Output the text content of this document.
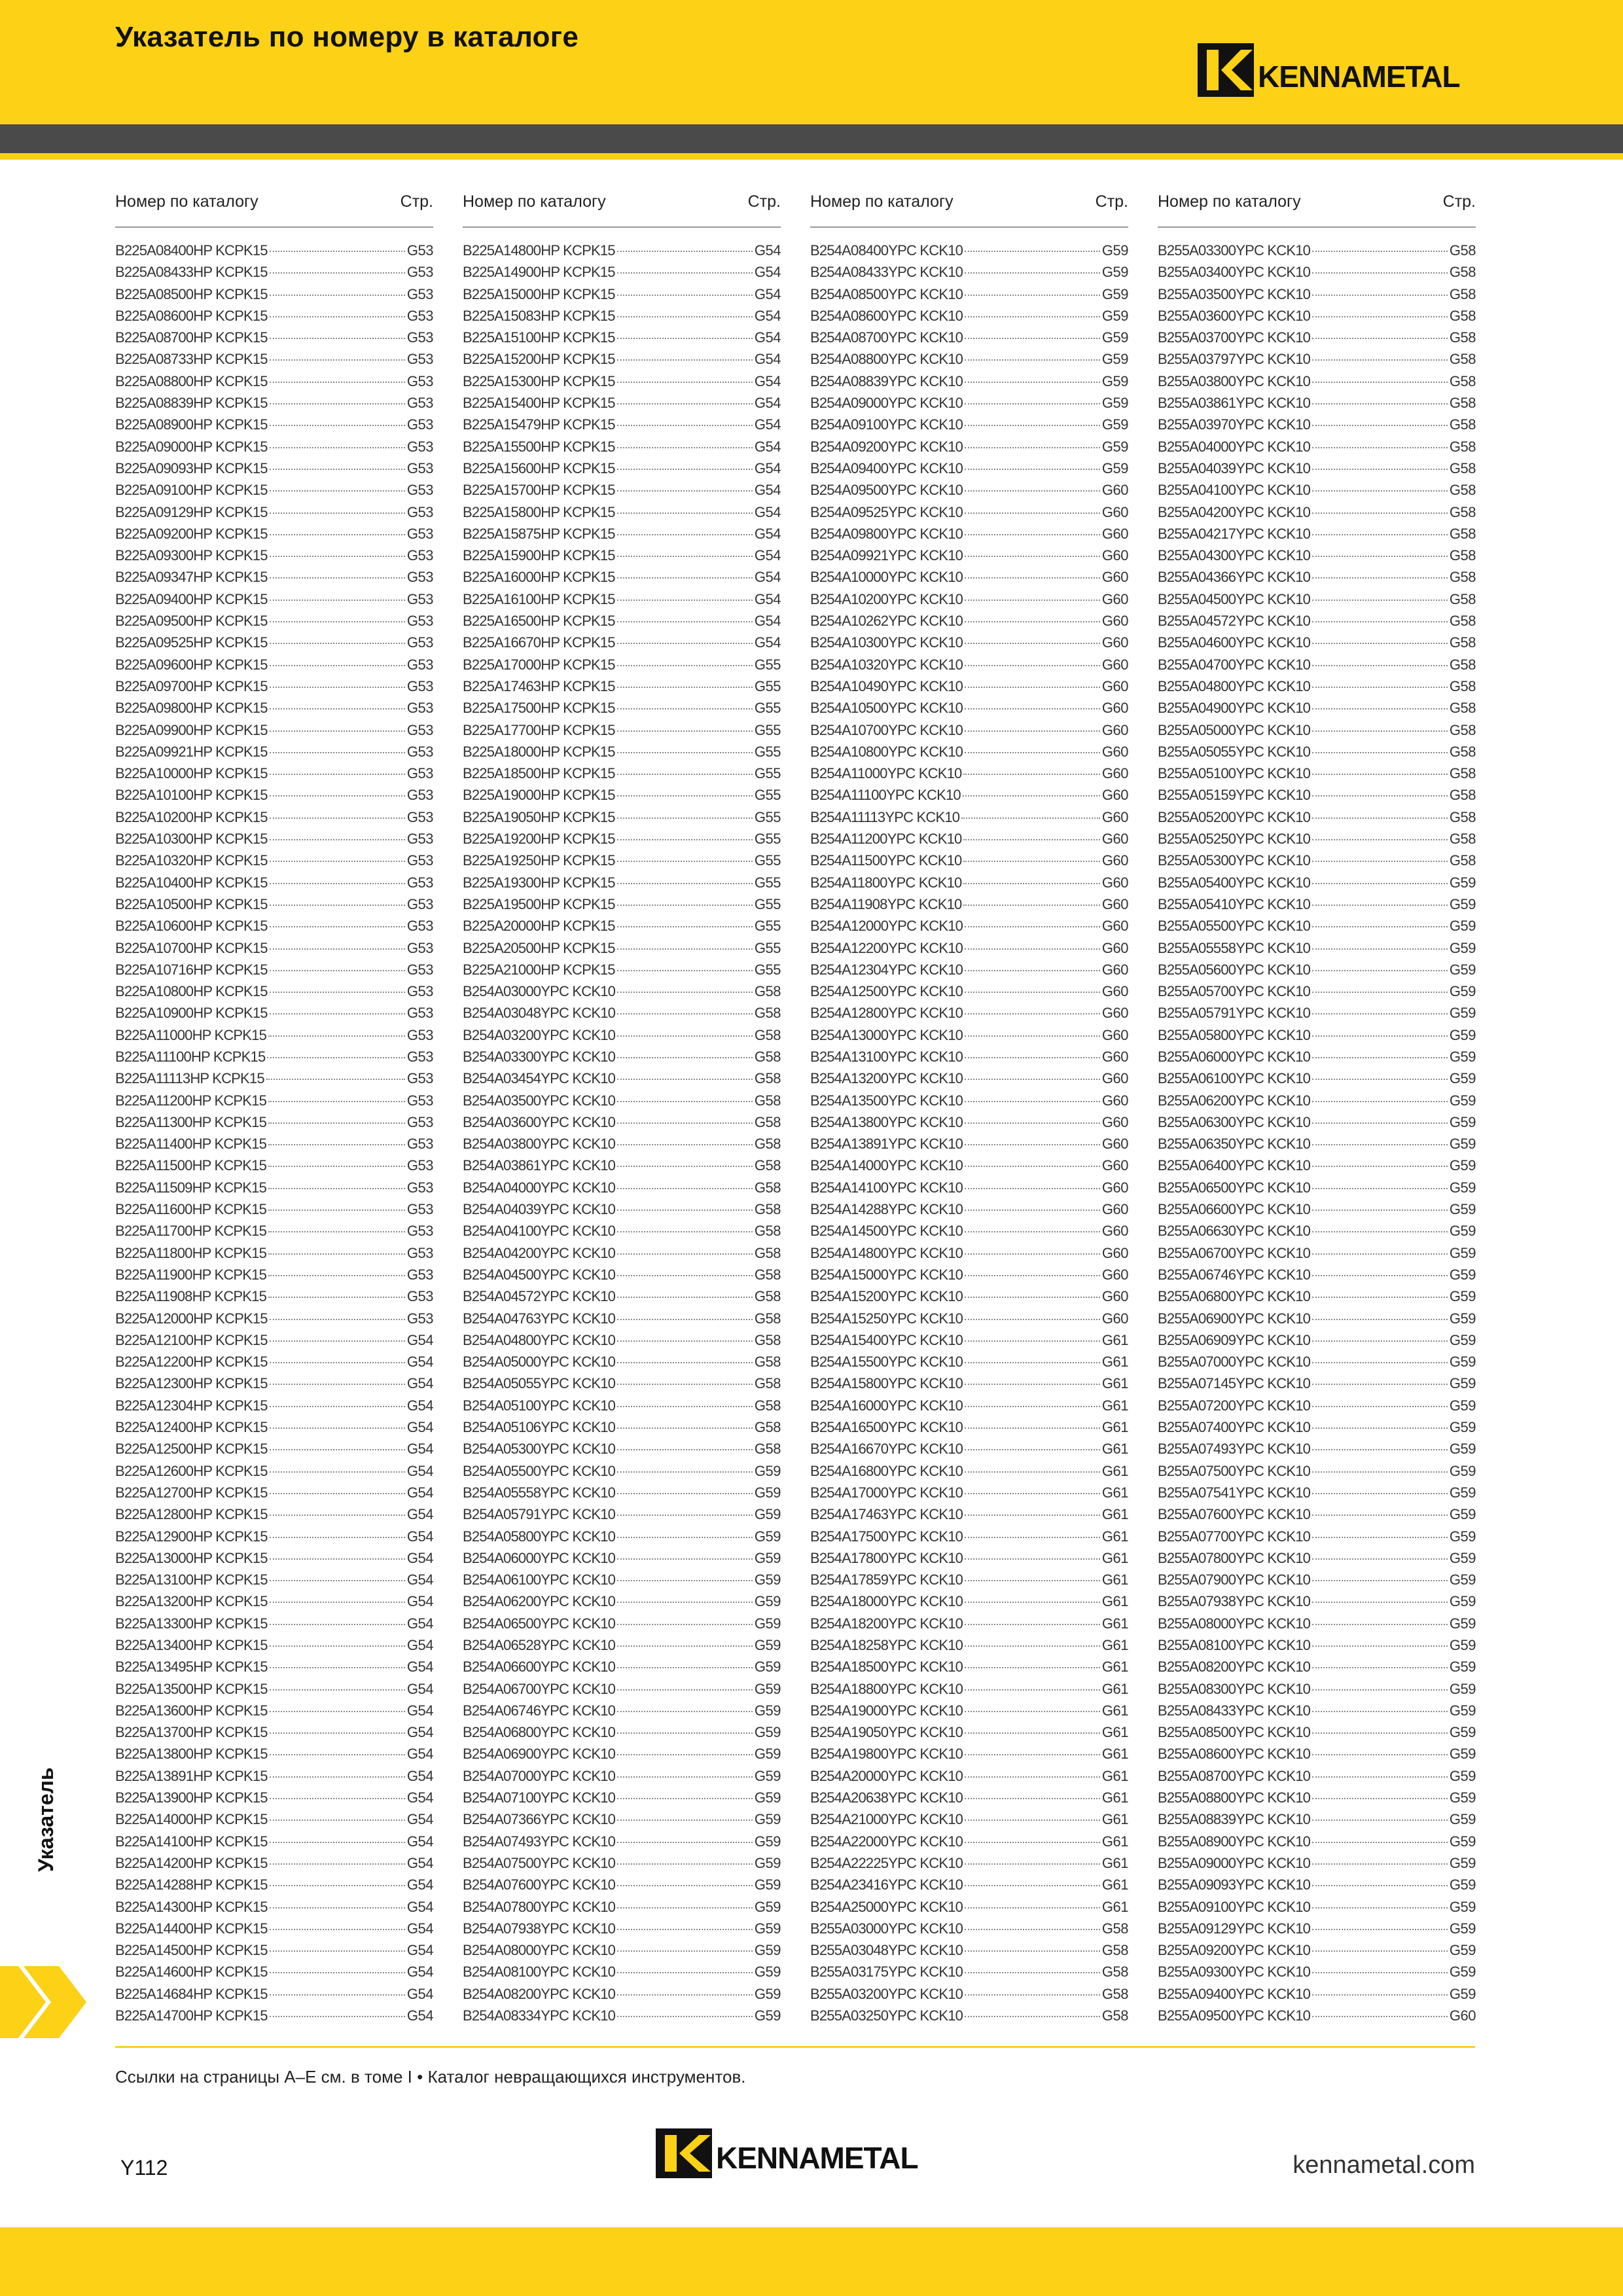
Указатель по номеру в каталоге
KENNAMETAL
Номер по каталогу	Стр.
B225A08400HP KCPK15	G53
B225A08433HP KCPK15	G53
B225A08500HP KCPK15	G53
B225A08600HP KCPK15	G53
B225A08700HP KCPK15	G53
B225A08733HP KCPK15	G53
B225A08800HP KCPK15	G53
B225A08839HP KCPK15	G53
B225A08900HP KCPK15	G53
B225A09000HP KCPK15	G53
B225A09093HP KCPK15	G53
B225A09100HP KCPK15	G53
B225A09129HP KCPK15	G53
B225A09200HP KCPK15	G53
B225A09300HP KCPK15	G53
B225A09347HP KCPK15	G53
B225A09400HP KCPK15	G53
B225A09500HP KCPK15	G53
B225A09525HP KCPK15	G53
B225A09600HP KCPK15	G53
B225A09700HP KCPK15	G53
B225A09800HP KCPK15	G53
B225A09900HP KCPK15	G53
B225A09921HP KCPK15	G53
B225A10000HP KCPK15	G53
B225A10100HP KCPK15	G53
B225A10200HP KCPK15	G53
B225A10300HP KCPK15	G53
B225A10320HP KCPK15	G53
B225A10400HP KCPK15	G53
B225A10500HP KCPK15	G53
B225A10600HP KCPK15	G53
B225A10700HP KCPK15	G53
B225A10716HP KCPK15	G53
B225A10800HP KCPK15	G53
B225A10900HP KCPK15	G53
B225A11000HP KCPK15	G53
B225A11100HP KCPK15	G53
B225A11113HP KCPK15	G53
B225A11200HP KCPK15	G53
B225A11300HP KCPK15	G53
B225A11400HP KCPK15	G53
B225A11500HP KCPK15	G53
B225A11509HP KCPK15	G53
B225A11600HP KCPK15	G53
B225A11700HP KCPK15	G53
B225A11800HP KCPK15	G53
B225A11900HP KCPK15	G53
B225A11908HP KCPK15	G53
B225A12000HP KCPK15	G53
B225A12100HP KCPK15	G54
B225A12200HP KCPK15	G54
B225A12300HP KCPK15	G54
B225A12304HP KCPK15	G54
B225A12400HP KCPK15	G54
B225A12500HP KCPK15	G54
B225A12600HP KCPK15	G54
B225A12700HP KCPK15	G54
B225A12800HP KCPK15	G54
B225A12900HP KCPK15	G54
B225A13000HP KCPK15	G54
B225A13100HP KCPK15	G54
B225A13200HP KCPK15	G54
B225A13300HP KCPK15	G54
B225A13400HP KCPK15	G54
B225A13495HP KCPK15	G54
B225A13500HP KCPK15	G54
B225A13600HP KCPK15	G54
B225A13700HP KCPK15	G54
B225A13800HP KCPK15	G54
B225A13891HP KCPK15	G54
B225A13900HP KCPK15	G54
B225A14000HP KCPK15	G54
B225A14100HP KCPK15	G54
B225A14200HP KCPK15	G54
B225A14288HP KCPK15	G54
B225A14300HP KCPK15	G54
B225A14400HP KCPK15	G54
B225A14500HP KCPK15	G54
B225A14600HP KCPK15	G54
B225A14684HP KCPK15	G54
B225A14700HP KCPK15	G54
Номер по каталогу	Стр.
B225A14800HP KCPK15	G54
B225A14900HP KCPK15	G54
B225A15000HP KCPK15	G54
B225A15083HP KCPK15	G54
B225A15100HP KCPK15	G54
B225A15200HP KCPK15	G54
B225A15300HP KCPK15	G54
B225A15400HP KCPK15	G54
B225A15479HP KCPK15	G54
B225A15500HP KCPK15	G54
B225A15600HP KCPK15	G54
B225A15700HP KCPK15	G54
B225A15800HP KCPK15	G54
B225A15875HP KCPK15	G54
B225A15900HP KCPK15	G54
B225A16000HP KCPK15	G54
B225A16100HP KCPK15	G54
B225A16500HP KCPK15	G54
B225A16670HP KCPK15	G54
B225A17000HP KCPK15	G55
B225A17463HP KCPK15	G55
B225A17500HP KCPK15	G55
B225A17700HP KCPK15	G55
B225A18000HP KCPK15	G55
B225A18500HP KCPK15	G55
B225A19000HP KCPK15	G55
B225A19050HP KCPK15	G55
B225A19200HP KCPK15	G55
B225A19250HP KCPK15	G55
B225A19300HP KCPK15	G55
B225A19500HP KCPK15	G55
B225A20000HP KCPK15	G55
B225A20500HP KCPK15	G55
B225A21000HP KCPK15	G55
B254A03000YPC KCK10	G58
B254A03048YPC KCK10	G58
B254A03200YPC KCK10	G58
B254A03300YPC KCK10	G58
B254A03454YPC KCK10	G58
B254A03500YPC KCK10	G58
B254A03600YPC KCK10	G58
B254A03800YPC KCK10	G58
B254A03861YPC KCK10	G58
B254A04000YPC KCK10	G58
B254A04039YPC KCK10	G58
B254A04100YPC KCK10	G58
B254A04200YPC KCK10	G58
B254A04500YPC KCK10	G58
B254A04572YPC KCK10	G58
B254A04763YPC KCK10	G58
B254A04800YPC KCK10	G58
B254A05000YPC KCK10	G58
B254A05055YPC KCK10	G58
B254A05100YPC KCK10	G58
B254A05106YPC KCK10	G58
B254A05300YPC KCK10	G58
B254A05500YPC KCK10	G59
B254A05558YPC KCK10	G59
B254A05791YPC KCK10	G59
B254A05800YPC KCK10	G59
B254A06000YPC KCK10	G59
B254A06100YPC KCK10	G59
B254A06200YPC KCK10	G59
B254A06500YPC KCK10	G59
B254A06528YPC KCK10	G59
B254A06600YPC KCK10	G59
B254A06700YPC KCK10	G59
B254A06746YPC KCK10	G59
B254A06800YPC KCK10	G59
B254A06900YPC KCK10	G59
B254A07000YPC KCK10	G59
B254A07100YPC KCK10	G59
B254A07366YPC KCK10	G59
B254A07493YPC KCK10	G59
B254A07500YPC KCK10	G59
B254A07600YPC KCK10	G59
B254A07800YPC KCK10	G59
B254A07938YPC KCK10	G59
B254A08000YPC KCK10	G59
B254A08100YPC KCK10	G59
B254A08200YPC KCK10	G59
B254A08334YPC KCK10	G59
Номер по каталогу	Стр.
B254A08400YPC KCK10	G59
B254A08433YPC KCK10	G59
B254A08500YPC KCK10	G59
B254A08600YPC KCK10	G59
B254A08700YPC KCK10	G59
B254A08800YPC KCK10	G59
B254A08839YPC KCK10	G59
B254A09000YPC KCK10	G59
B254A09100YPC KCK10	G59
B254A09200YPC KCK10	G59
B254A09400YPC KCK10	G59
B254A09500YPC KCK10	G60
B254A09525YPC KCK10	G60
B254A09800YPC KCK10	G60
B254A09921YPC KCK10	G60
B254A10000YPC KCK10	G60
B254A10200YPC KCK10	G60
B254A10262YPC KCK10	G60
B254A10300YPC KCK10	G60
B254A10320YPC KCK10	G60
B254A10490YPC KCK10	G60
B254A10500YPC KCK10	G60
B254A10700YPC KCK10	G60
B254A10800YPC KCK10	G60
B254A11000YPC KCK10	G60
B254A11100YPC KCK10	G60
B254A11113YPC KCK10	G60
B254A11200YPC KCK10	G60
B254A11500YPC KCK10	G60
B254A11800YPC KCK10	G60
B254A11908YPC KCK10	G60
B254A12000YPC KCK10	G60
B254A12200YPC KCK10	G60
B254A12304YPC KCK10	G60
B254A12500YPC KCK10	G60
B254A12800YPC KCK10	G60
B254A13000YPC KCK10	G60
B254A13100YPC KCK10	G60
B254A13200YPC KCK10	G60
B254A13500YPC KCK10	G60
B254A13800YPC KCK10	G60
B254A13891YPC KCK10	G60
B254A14000YPC KCK10	G60
B254A14100YPC KCK10	G60
B254A14288YPC KCK10	G60
B254A14500YPC KCK10	G60
B254A14800YPC KCK10	G60
B254A15000YPC KCK10	G60
B254A15200YPC KCK10	G60
B254A15250YPC KCK10	G60
B254A15400YPC KCK10	G61
B254A15500YPC KCK10	G61
B254A15800YPC KCK10	G61
B254A16000YPC KCK10	G61
B254A16500YPC KCK10	G61
B254A16670YPC KCK10	G61
B254A16800YPC KCK10	G61
B254A17000YPC KCK10	G61
B254A17463YPC KCK10	G61
B254A17500YPC KCK10	G61
B254A17800YPC KCK10	G61
B254A17859YPC KCK10	G61
B254A18000YPC KCK10	G61
B254A18200YPC KCK10	G61
B254A18258YPC KCK10	G61
B254A18500YPC KCK10	G61
B254A18800YPC KCK10	G61
B254A19000YPC KCK10	G61
B254A19050YPC KCK10	G61
B254A19800YPC KCK10	G61
B254A20000YPC KCK10	G61
B254A20638YPC KCK10	G61
B254A21000YPC KCK10	G61
B254A22000YPC KCK10	G61
B254A22225YPC KCK10	G61
B254A23416YPC KCK10	G61
B254A25000YPC KCK10	G61
B255A03000YPC KCK10	G58
B255A03048YPC KCK10	G58
B255A03175YPC KCK10	G58
B255A03200YPC KCK10	G58
B255A03250YPC KCK10	G58
Номер по каталогу	Стр.
B255A03300YPC KCK10	G58
B255A03400YPC KCK10	G58
B255A03500YPC KCK10	G58
B255A03600YPC KCK10	G58
B255A03700YPC KCK10	G58
B255A03797YPC KCK10	G58
B255A03800YPC KCK10	G58
B255A03861YPC KCK10	G58
B255A03970YPC KCK10	G58
B255A04000YPC KCK10	G58
B255A04039YPC KCK10	G58
B255A04100YPC KCK10	G58
B255A04200YPC KCK10	G58
B255A04217YPC KCK10	G58
B255A04300YPC KCK10	G58
B255A04366YPC KCK10	G58
B255A04500YPC KCK10	G58
B255A04572YPC KCK10	G58
B255A04600YPC KCK10	G58
B255A04700YPC KCK10	G58
B255A04800YPC KCK10	G58
B255A04900YPC KCK10	G58
B255A05000YPC KCK10	G58
B255A05055YPC KCK10	G58
B255A05100YPC KCK10	G58
B255A05159YPC KCK10	G58
B255A05200YPC KCK10	G58
B255A05250YPC KCK10	G58
B255A05300YPC KCK10	G58
B255A05400YPC KCK10	G59
B255A05410YPC KCK10	G59
B255A05500YPC KCK10	G59
B255A05558YPC KCK10	G59
B255A05600YPC KCK10	G59
B255A05700YPC KCK10	G59
B255A05791YPC KCK10	G59
B255A05800YPC KCK10	G59
B255A06000YPC KCK10	G59
B255A06100YPC KCK10	G59
B255A06200YPC KCK10	G59
B255A06300YPC KCK10	G59
B255A06350YPC KCK10	G59
B255A06400YPC KCK10	G59
B255A06500YPC KCK10	G59
B255A06600YPC KCK10	G59
B255A06630YPC KCK10	G59
B255A06700YPC KCK10	G59
B255A06746YPC KCK10	G59
B255A06800YPC KCK10	G59
B255A06900YPC KCK10	G59
B255A06909YPC KCK10	G59
B255A07000YPC KCK10	G59
B255A07145YPC KCK10	G59
B255A07200YPC KCK10	G59
B255A07400YPC KCK10	G59
B255A07493YPC KCK10	G59
B255A07500YPC KCK10	G59
B255A07541YPC KCK10	G59
B255A07600YPC KCK10	G59
B255A07700YPC KCK10	G59
B255A07800YPC KCK10	G59
B255A07900YPC KCK10	G59
B255A07938YPC KCK10	G59
B255A08000YPC KCK10	G59
B255A08100YPC KCK10	G59
B255A08200YPC KCK10	G59
B255A08300YPC KCK10	G59
B255A08433YPC KCK10	G59
B255A08500YPC KCK10	G59
B255A08600YPC KCK10	G59
B255A08700YPC KCK10	G59
B255A08800YPC KCK10	G59
B255A08839YPC KCK10	G59
B255A08900YPC KCK10	G59
B255A09000YPC KCK10	G59
B255A09093YPC KCK10	G59
B255A09100YPC KCK10	G59
B255A09129YPC KCK10	G59
B255A09200YPC KCK10	G59
B255A09300YPC KCK10	G59
B255A09400YPC KCK10	G59
B255A09500YPC KCK10	G60
Указатель
Ссылки на страницы A–E см. в томе I • Каталог невращающихся инструментов.
Y112	KENNAMETAL	kennametal.com
